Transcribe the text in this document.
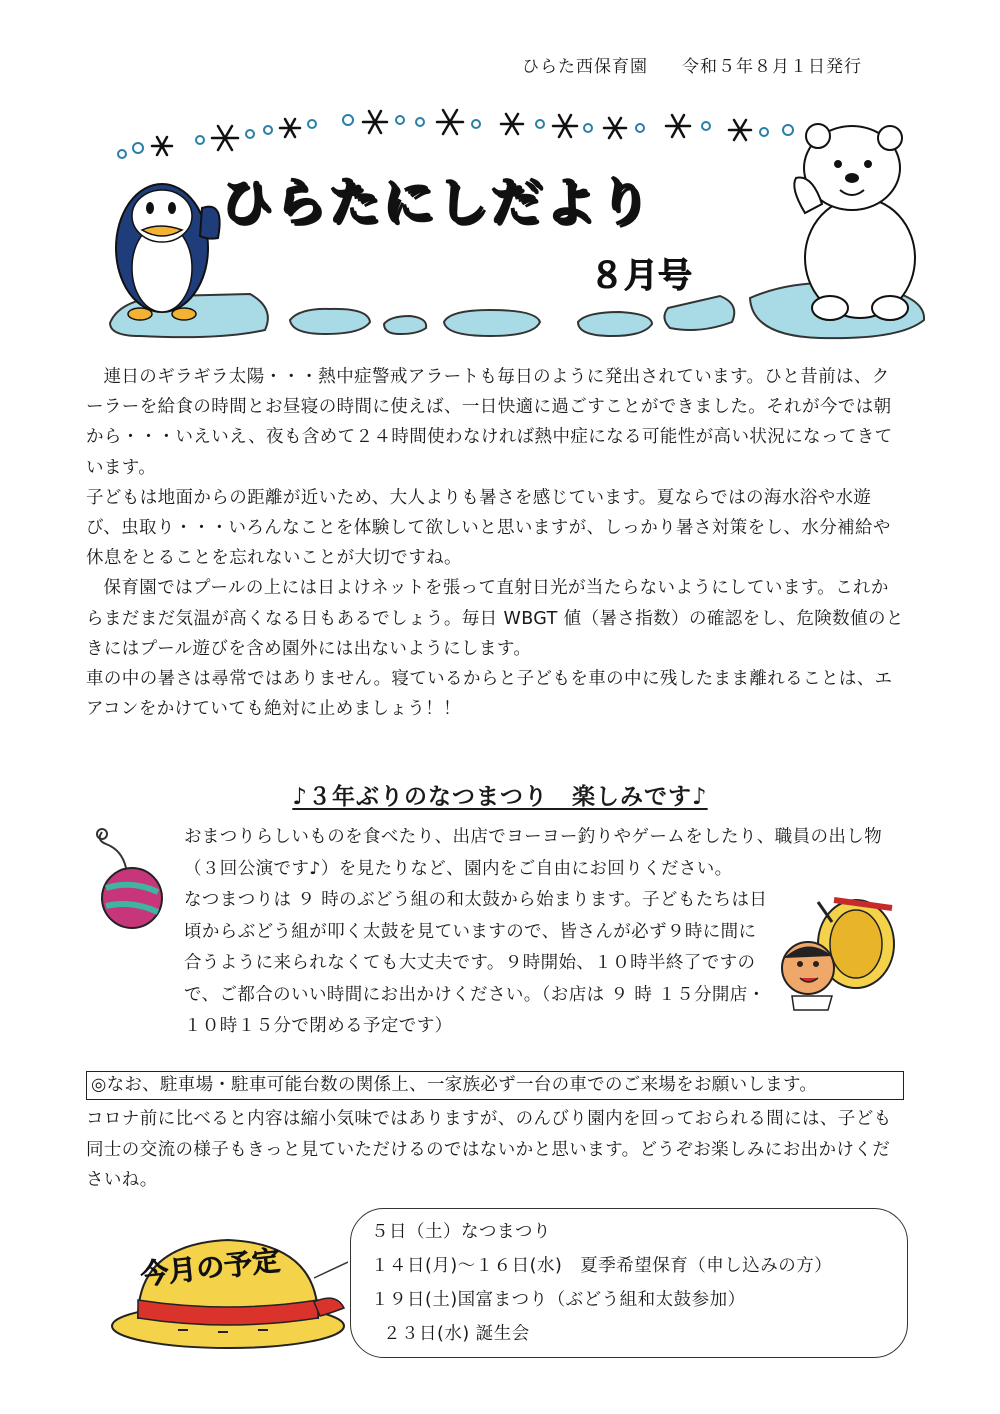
ひらた西保育園 令和５年８月１日発行
ひらたにしだより
８月号

連日のギラギラ太陽・・・熱中症警戒アラートも毎日のように発出されています。ひと昔前は、クーラーを給食の時間とお昼寝の時間に使えば、一日快適に過ごすことができました。それが今では朝から・・・いえいえ、夜も含めて２４時間使わなければ熱中症になる可能性が高い状況になってきています。

子どもは地面からの距離が近いため、大人よりも暑さを感じています。夏ならではの海水浴や水遊び、虫取り・・・いろんなことを体験して欲しいと思いますが、しっかり暑さ対策をし、水分補給や休息をとることを忘れないことが大切ですね。

保育園ではプールの上には日よけネットを張って直射日光が当たらないようにしています。これからまだまだ気温が高くなる日もあるでしょう。毎日 WBGT 値（暑さ指数）の確認をし、危険数値のときにはプール遊びを含め園外には出ないようにします。

車の中の暑さは尋常ではありません。寝ているからと子どもを車の中に残したまま離れることは、エアコンをかけていても絶対に止めましょう！！

♪３年ぶりのなつまつり　楽しみです♪

おまつりらしいものを食べたり、出店でヨーヨー釣りやゲームをしたり、職員の出し物（３回公演です♪）を見たりなど、園内をご自由にお回りください。

なつまつりは ９ 時のぶどう組の和太鼓から始まります。子どもたちは日頃からぶどう組が叩く太鼓を見ていますので、皆さんが必ず９時に間に合うように来られなくても大丈夫です。９時開始、１０時半終了ですので、ご都合のいい時間にお出かけください。（お店は ９ 時 １５分開店・１０時１５分で閉める予定です）

◎なお、駐車場・駐車可能台数の関係上、一家族必ず一台の車でのご来場をお願いします。

コロナ前に比べると内容は縮小気味ではありますが、のんびり園内を回っておられる間には、子ども同士の交流の様子もきっと見ていただけるのではないかと思います。どうぞお楽しみにお出かけくださいね。

今月の予定
５日（土）なつまつり
１４日(月)～１６日(水)　夏季希望保育（申し込みの方）
１９日(土)国富まつり（ぶどう組和太鼓参加）
２３日(水) 誕生会
